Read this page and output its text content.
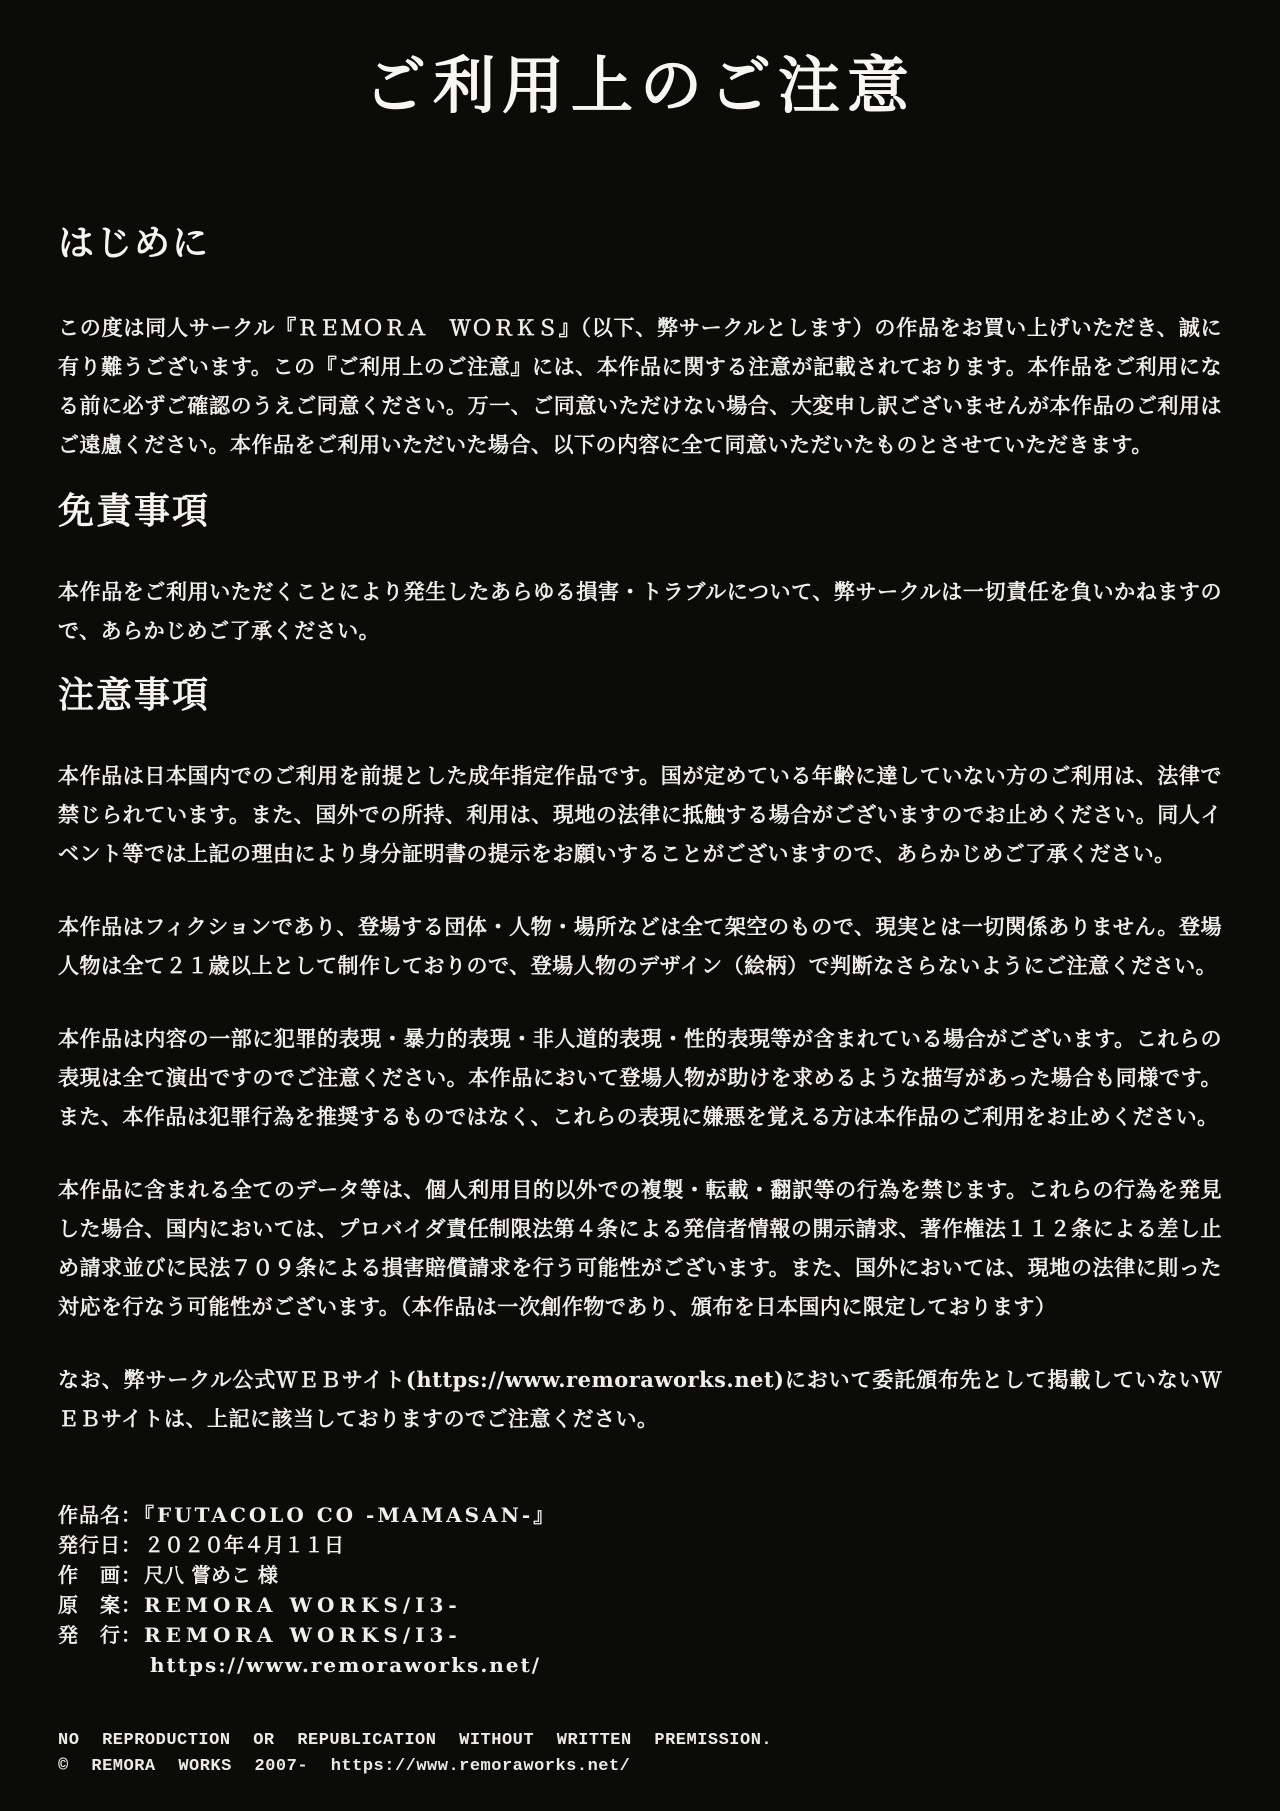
ご利用上のご注意
はじめに

この度は同人サークル『ＲＥＭＯＲＡ　ＷＯＲＫＳ』（以下、弊サークルとします）の作品をお買い上げいただき、誠に有り難うございます。この『ご利用上のご注意』には、本作品に関する注意が記載されております。本作品をご利用になる前に必ずご確認のうえご同意ください。万一、ご同意いただけない場合、大変申し訳ございませんが本作品のご利用はご遠慮ください。本作品をご利用いただいた場合、以下の内容に全て同意いただいたものとさせていただきます。

免責事項

本作品をご利用いただくことにより発生したあらゆる損害・トラブルについて、弊サークルは一切責任を負いかねますので、あらかじめご了承ください。

注意事項

本作品は日本国内でのご利用を前提とした成年指定作品です。国が定めている年齢に達していない方のご利用は、法律で禁じられています。また、国外での所持、利用は、現地の法律に抵触する場合がございますのでお止めください。同人イベント等では上記の理由により身分証明書の提示をお願いすることがございますので、あらかじめご了承ください。

本作品はフィクションであり、登場する団体・人物・場所などは全て架空のもので、現実とは一切関係ありません。登場人物は全て２１歳以上として制作しておりので、登場人物のデザイン（絵柄）で判断なさらないようにご注意ください。

本作品は内容の一部に犯罪的表現・暴力的表現・非人道的表現・性的表現等が含まれている場合がございます。これらの表現は全て演出ですのでご注意ください。本作品において登場人物が助けを求めるような描写があった場合も同様です。また、本作品は犯罪行為を推奨するものではなく、これらの表現に嫌悪を覚える方は本作品のご利用をお止めください。

本作品に含まれる全てのデータ等は、個人利用目的以外での複製・転載・翻訳等の行為を禁じます。これらの行為を発見した場合、国内においては、プロバイダ責任制限法第４条による発信者情報の開示請求、著作権法１１２条による差し止め請求並びに民法７０９条による損害賠償請求を行う可能性がございます。また、国外においては、現地の法律に則った対応を行なう可能性がございます。（本作品は一次創作物であり、頒布を日本国内に限定しております）

なお、弊サークル公式ＷＥＢサイト(https://www.remoraworks.net)において委託頒布先として掲載していないＷＥＢサイトは、上記に該当しておりますのでご注意ください。

作品名： 『FUTACOLO CO -MAMASAN-』
発行日： ２０２０年４月１１日
作　画： 尺八 嘗めこ 様
原　案： REMORA WORKS/I3-
発　行： REMORA WORKS/I3-
https://www.remoraworks.net/
NO REPRODUCTION OR REPUBLICATION WITHOUT WRITTEN PREMISSION.
© REMORA WORKS 2007- https://www.remoraworks.net/
